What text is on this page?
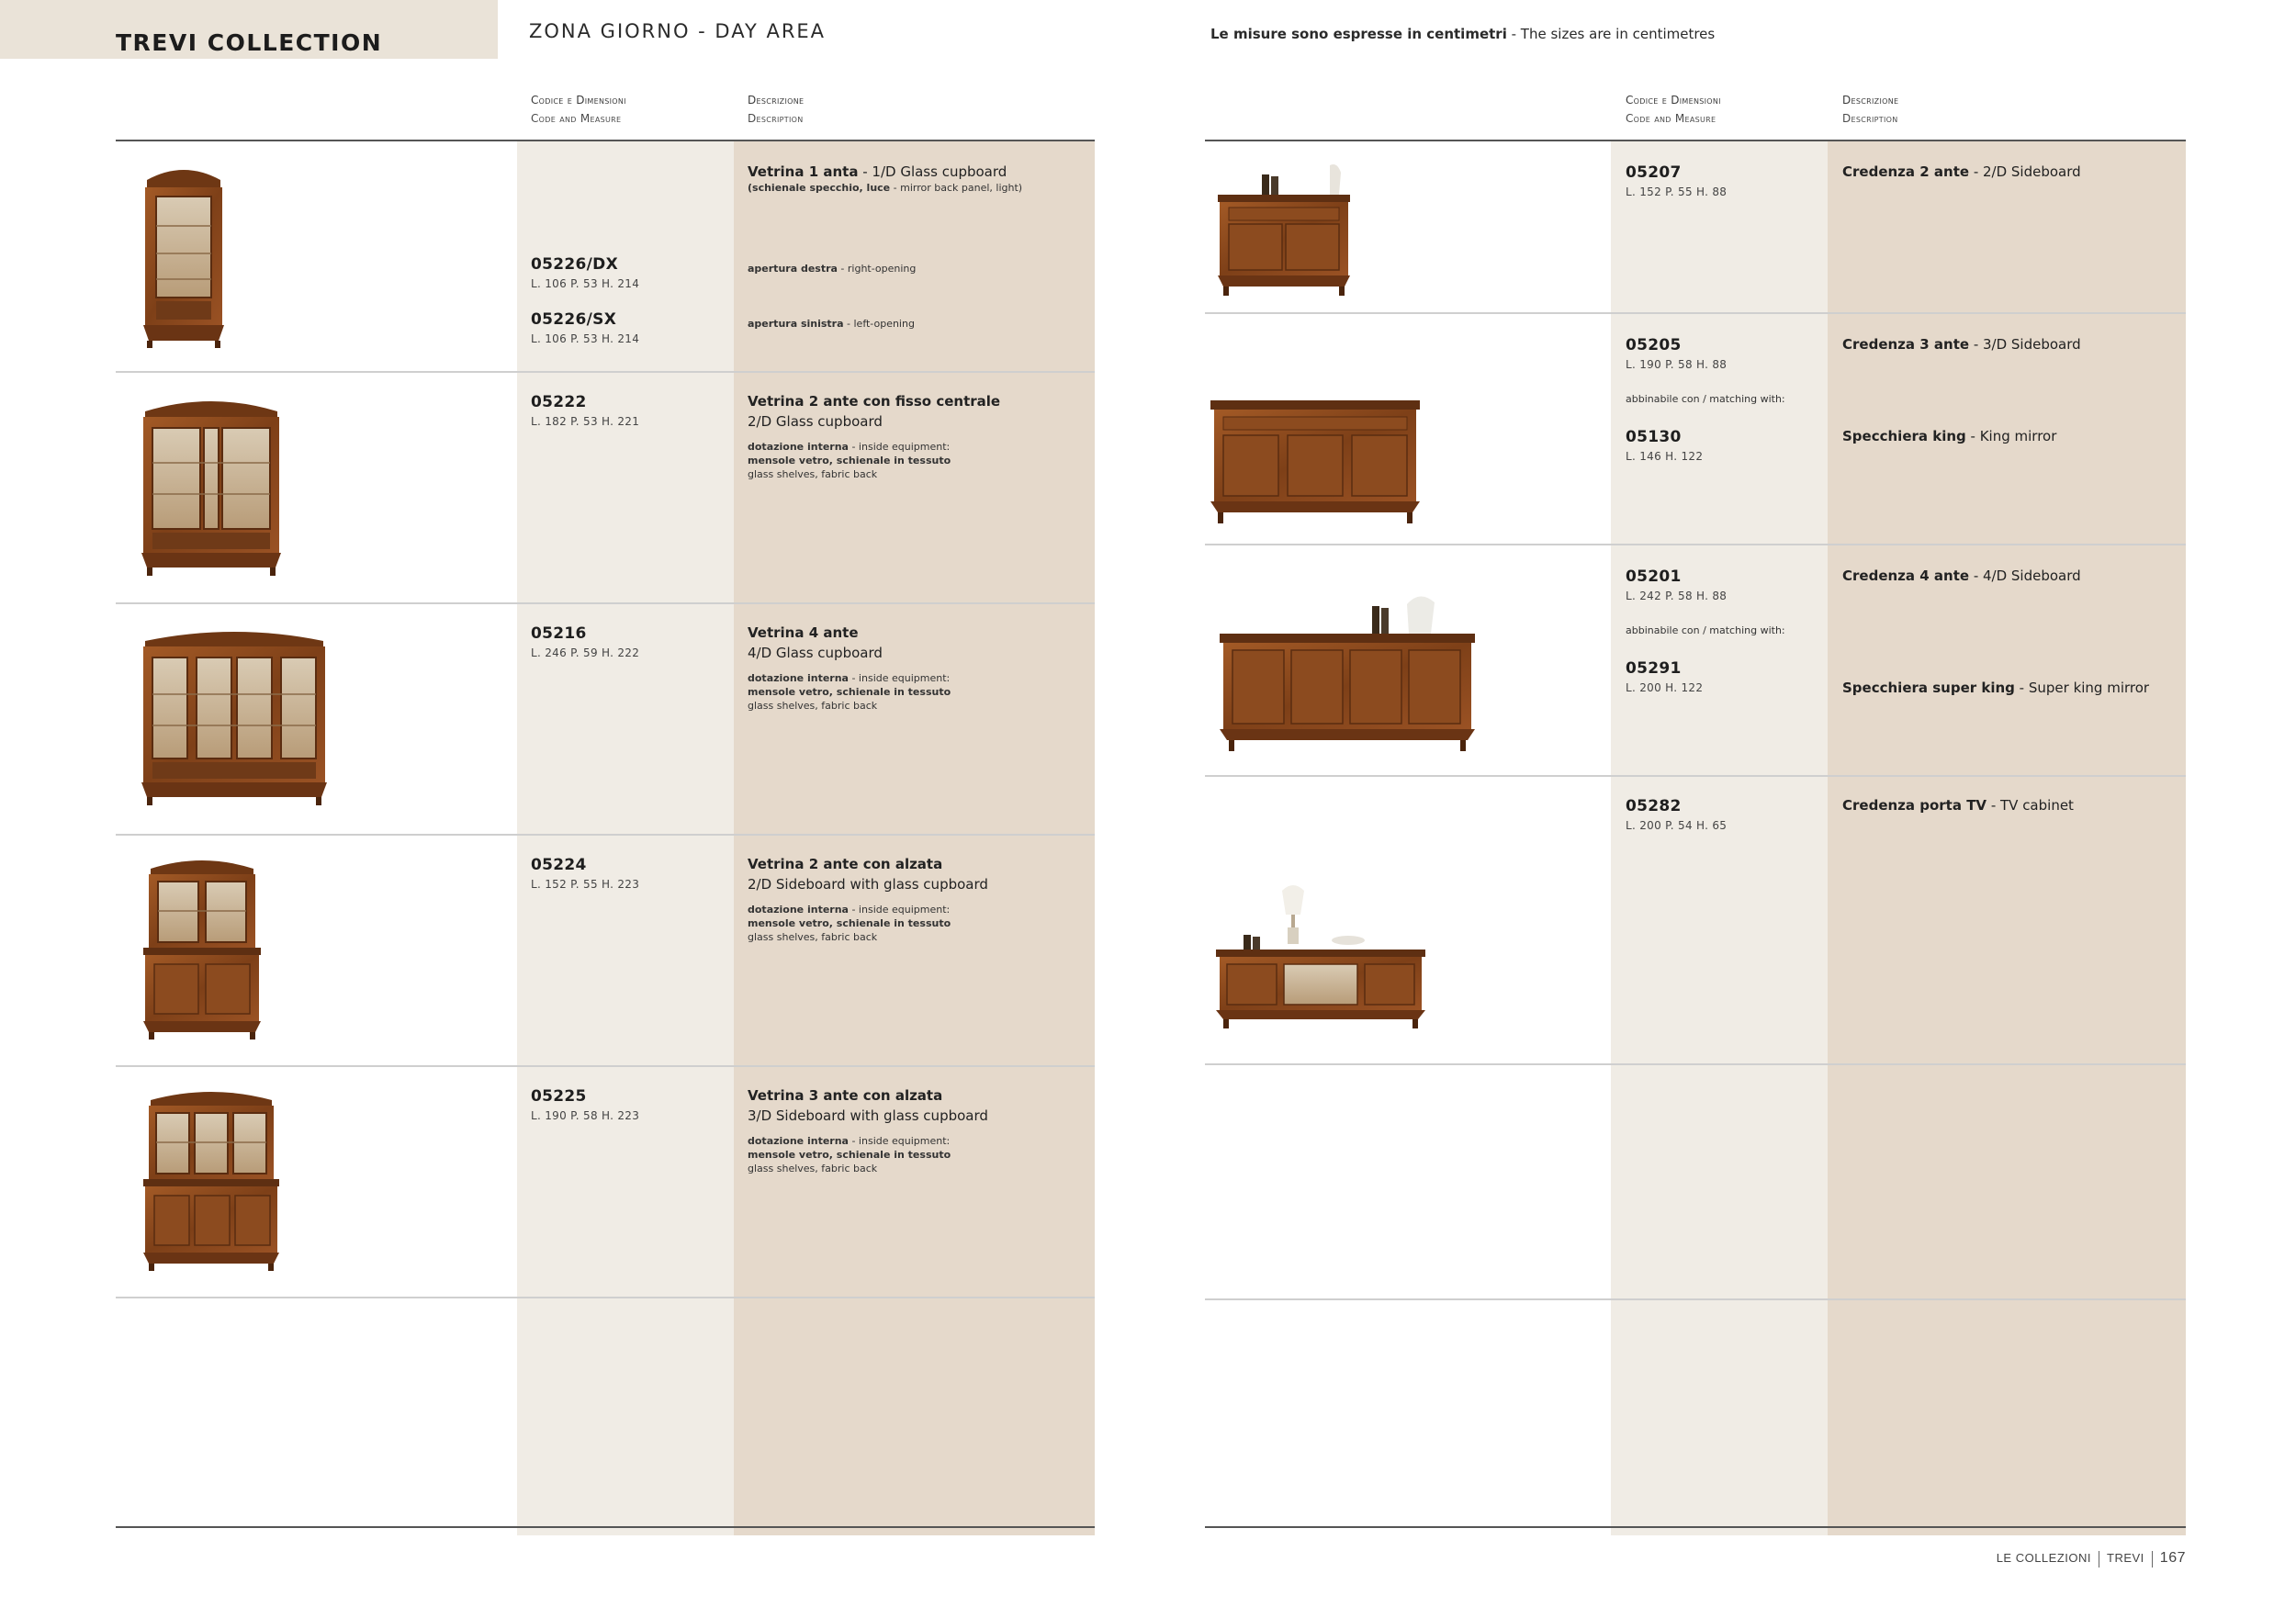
TREVI COLLECTION	ZONA GIORNO - DAY AREA	Le misure sono espresse in centimetri - The sizes are in centimetres
Codice e Dimensioni
Code and Measure
Descrizione
Description
05226/DX
L. 106 P. 53 H. 214
05226/SX
L. 106 P. 53 H. 214
Vetrina 1 anta - 1/D Glass cupboard
(schienale specchio, luce - mirror back panel, light)
apertura destra - right-opening
apertura sinistra - left-opening
05222
L. 182 P. 53 H. 221
Vetrina 2 ante con fisso centrale
2/D Glass cupboard
dotazione interna - inside equipment:
mensole vetro, schienale in tessuto
glass shelves, fabric back
05216
L. 246 P. 59 H. 222
Vetrina 4 ante
4/D Glass cupboard
dotazione interna - inside equipment:
mensole vetro, schienale in tessuto
glass shelves, fabric back
05224
L. 152 P. 55 H. 223
Vetrina 2 ante con alzata
2/D Sideboard with glass cupboard
dotazione interna - inside equipment:
mensole vetro, schienale in tessuto
glass shelves, fabric back
05225
L. 190 P. 58 H. 223
Vetrina 3 ante con alzata
3/D Sideboard with glass cupboard
dotazione interna - inside equipment:
mensole vetro, schienale in tessuto
glass shelves, fabric back
Codice e Dimensioni
Code and Measure
Descrizione
Description
05207
L. 152 P. 55 H. 88
Credenza 2 ante - 2/D Sideboard
05205
L. 190 P. 58 H. 88
abbinabile con / matching with:
05130
L. 146 H. 122
Credenza 3 ante - 3/D Sideboard
Specchiera king - King mirror
05201
L. 242 P. 58 H. 88
abbinabile con / matching with:
05291
L. 200 H. 122
Credenza 4 ante - 4/D Sideboard
Specchiera super king - Super king mirror
05282
L. 200 P. 54 H. 65
Credenza porta TV - TV cabinet
LE COLLEZIONI TREVI 167
